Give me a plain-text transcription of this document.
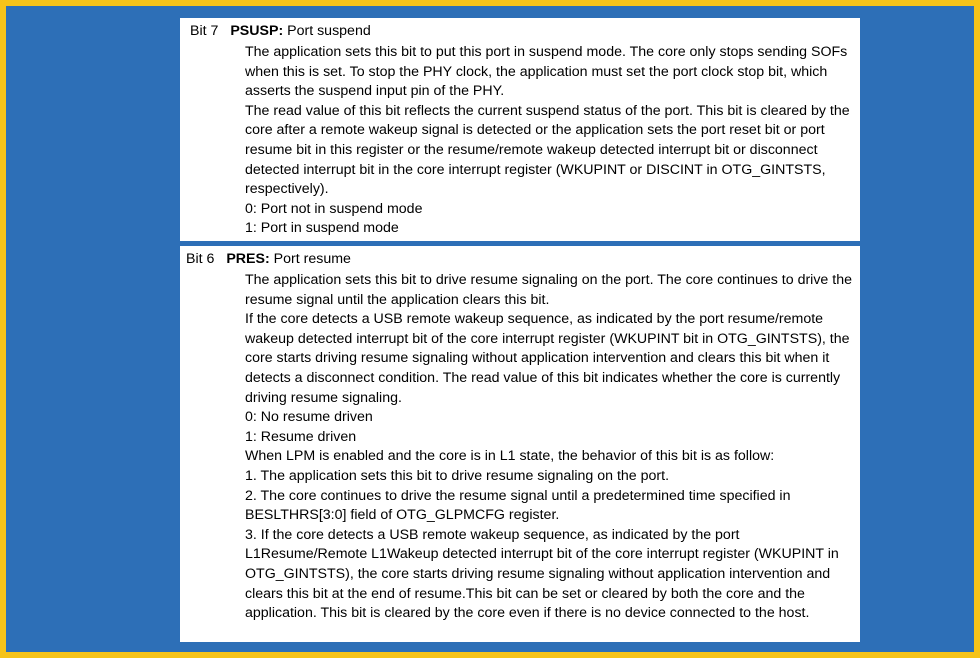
Bit 7 PSUSP: Port suspend

The application sets this bit to put this port in suspend mode. The core only stops sending SOFs when this is set. To stop the PHY clock, the application must set the port clock stop bit, which asserts the suspend input pin of the PHY.

The read value of this bit reflects the current suspend status of the port. This bit is cleared by the core after a remote wakeup signal is detected or the application sets the port reset bit or port resume bit in this register or the resume/remote wakeup detected interrupt bit or disconnect detected interrupt bit in the core interrupt register (WKUPINT or DISCINT in OTG_GINTSTS, respectively).

0: Port not in suspend mode

1: Port in suspend mode

Bit 6 PRES: Port resume

The application sets this bit to drive resume signaling on the port. The core continues to drive the resume signal until the application clears this bit.

If the core detects a USB remote wakeup sequence, as indicated by the port resume/remote wakeup detected interrupt bit of the core interrupt register (WKUPINT bit in OTG_GINTSTS), the core starts driving resume signaling without application intervention and clears this bit when it detects a disconnect condition. The read value of this bit indicates whether the core is currently driving resume signaling.

0: No resume driven

1: Resume driven

When LPM is enabled and the core is in L1 state, the behavior of this bit is as follow:

1. The application sets this bit to drive resume signaling on the port.

2. The core continues to drive the resume signal until a predetermined time specified in BESLTHRS[3:0] field of OTG_GLPMCFG register.

3. If the core detects a USB remote wakeup sequence, as indicated by the port L1Resume/Remote L1Wakeup detected interrupt bit of the core interrupt register (WKUPINT in OTG_GINTSTS), the core starts driving resume signaling without application intervention and clears this bit at the end of resume.This bit can be set or cleared by both the core and the application. This bit is cleared by the core even if there is no device connected to the host.
